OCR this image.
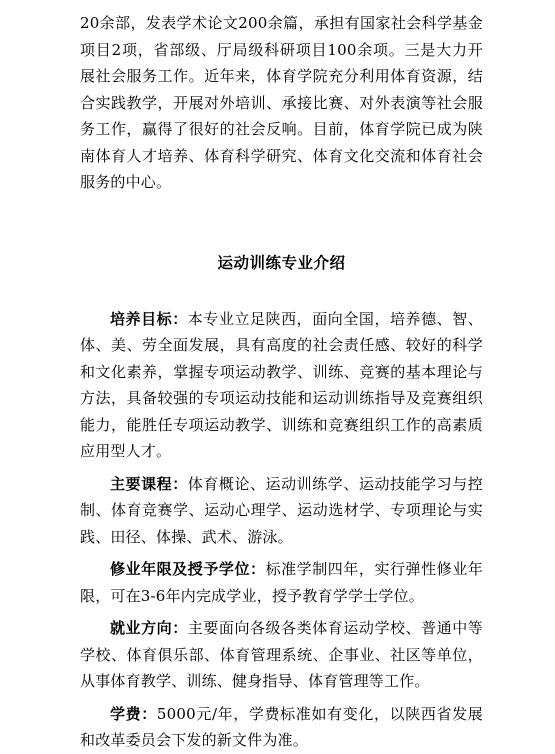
20余部，发表学术论文200余篇，承担有国家社会科学基金项目2项，省部级、厅局级科研项目100余项。三是大力开展社会服务工作。近年来，体育学院充分利用体育资源，结合实践教学，开展对外培训、承接比赛、对外表演等社会服务工作，赢得了很好的社会反响。目前，体育学院已成为陕南体育人才培养、体育科学研究、体育文化交流和体育社会服务的中心。

运动训练专业介绍

培养目标：本专业立足陕西，面向全国，培养德、智、体、美、劳全面发展，具有高度的社会责任感、较好的科学和文化素养，掌握专项运动教学、训练、竞赛的基本理论与方法，具备较强的专项运动技能和运动训练指导及竞赛组织能力，能胜任专项运动教学、训练和竞赛组织工作的高素质应用型人才。

主要课程：体育概论、运动训练学、运动技能学习与控制、体育竞赛学、运动心理学、运动选材学、专项理论与实践、田径、体操、武术、游泳。

修业年限及授予学位：标准学制四年，实行弹性修业年限，可在3-6年内完成学业，授予教育学学士学位。

就业方向：主要面向各级各类体育运动学校、普通中等学校、体育俱乐部、体育管理系统、企事业、社区等单位，从事体育教学、训练、健身指导、体育管理等工作。

学费：5000元/年，学费标准如有变化，以陕西省发展和改革委员会下发的新文件为准。
